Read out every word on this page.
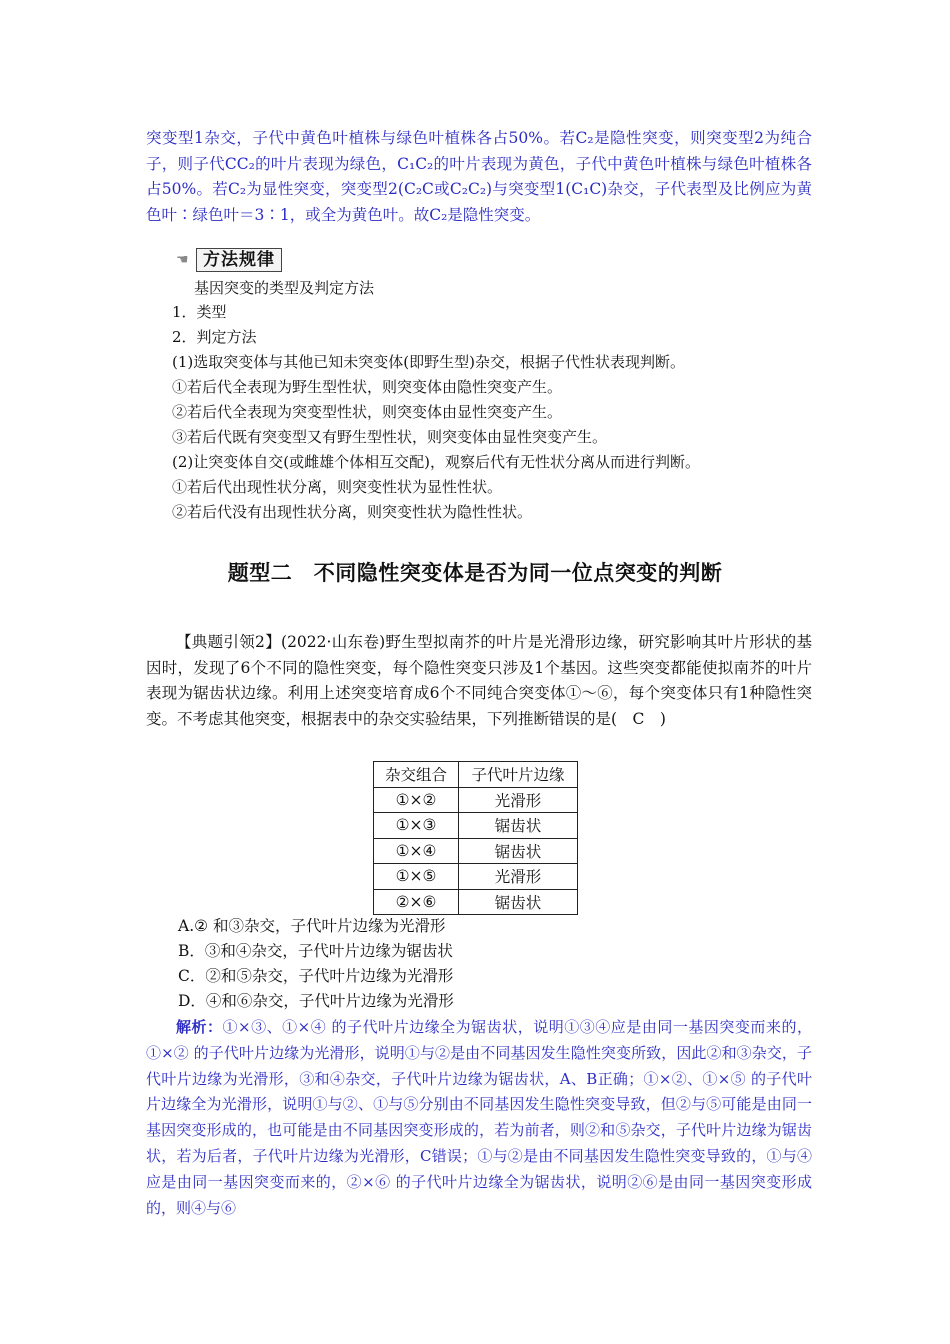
突变型1杂交，子代中黄色叶植株与绿色叶植株各占50%。若C₂是隐性突变，则突变型2为纯合子，则子代CC₂的叶片表现为绿色，C₁C₂的叶片表现为黄色，子代中黄色叶植株与绿色叶植株各占50%。若C₂为显性突变，突变型2(C₂C或C₂C₂)与突变型1(C₁C)杂交，子代表型及比例应为黄色叶∶绿色叶＝3∶1，或全为黄色叶。故C₂是隐性突变。
☚ 方法规律
基因突变的类型及判定方法
1．类型
2．判定方法
(1)选取突变体与其他已知未突变体(即野生型)杂交，根据子代性状表现判断。
①若后代全表现为野生型性状，则突变体由隐性突变产生。
②若后代全表现为突变型性状，则突变体由显性突变产生。
③若后代既有突变型又有野生型性状，则突变体由显性突变产生。
(2)让突变体自交(或雌雄个体相互交配)，观察后代有无性状分离从而进行判断。
①若后代出现性状分离，则突变性状为显性性状。
②若后代没有出现性状分离，则突变性状为隐性性状。
题型二　不同隐性突变体是否为同一位点突变的判断
【典题引领2】(2022·山东卷)野生型拟南芥的叶片是光滑形边缘，研究影响其叶片形状的基因时，发现了6个不同的隐性突变，每个隐性突变只涉及1个基因。这些突变都能使拟南芥的叶片表现为锯齿状边缘。利用上述突变培育成6个不同纯合突变体①～⑥，每个突变体只有1种隐性突变。不考虑其他突变，根据表中的杂交实验结果，下列推断错误的是(　C　)
杂交组合	子代叶片边缘
①×②	光滑形
①×③	锯齿状
①×④	锯齿状
①×⑤	光滑形
②×⑥	锯齿状
A.② 和③杂交，子代叶片边缘为光滑形
B．③和④杂交，子代叶片边缘为锯齿状
C．②和⑤杂交，子代叶片边缘为光滑形
D．④和⑥杂交，子代叶片边缘为光滑形
解析：①×③、①×④ 的子代叶片边缘全为锯齿状，说明①③④应是由同一基因突变而来的，①×② 的子代叶片边缘为光滑形，说明①与②是由不同基因发生隐性突变所致，因此②和③杂交，子代叶片边缘为光滑形，③和④杂交，子代叶片边缘为锯齿状，A、B正确；①×②、①×⑤ 的子代叶片边缘全为光滑形，说明①与②、①与⑤分别由不同基因发生隐性突变导致，但②与⑤可能是由同一基因突变形成的，也可能是由不同基因突变形成的，若为前者，则②和⑤杂交，子代叶片边缘为锯齿状，若为后者，子代叶片边缘为光滑形，C错误；①与②是由不同基因发生隐性突变导致的，①与④应是由同一基因突变而来的，②×⑥ 的子代叶片边缘全为锯齿状，说明②⑥是由同一基因突变形成的，则④与⑥
